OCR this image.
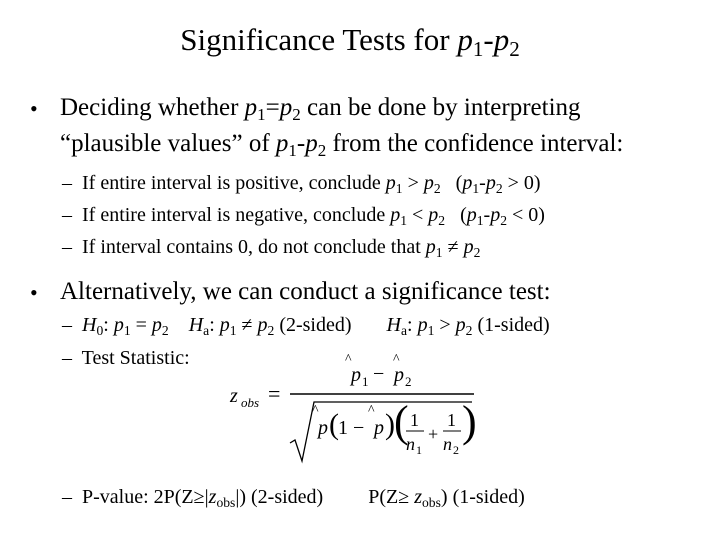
Significance Tests for $p_1-p_2$
• Deciding whether $p_1=p_2$ can be done by interpreting
“plausible values” of $p_1-p_2$ from the confidence interval:
– If entire interval is positive, conclude $p_1 > p_2$ $(p_1-p_2 > 0)$
– If entire interval is negative, conclude $p_1 < p_2$ $(p_1-p_2 < 0)$
– If interval contains 0, do not conclude that $p_1 \ne p_2$
• Alternatively, we can conduct a significance test:
– $H_0$: $p_1 = p_2$ $H_a$: $p_1 \ne p_2$ (2-sided) $H_a$: $p_1 > p_2$ (1-sided)
– Test Statistic:
z obs =
^	^
p 1 − p 2
^	^
p ( 1 − p ) ( 1
n 1
+
1
n 2
)
– P-value: $2P(Z\ge|z_{obs}|)$ (2-sided) $P(Z\ge z_{obs})$ (1-sided)
